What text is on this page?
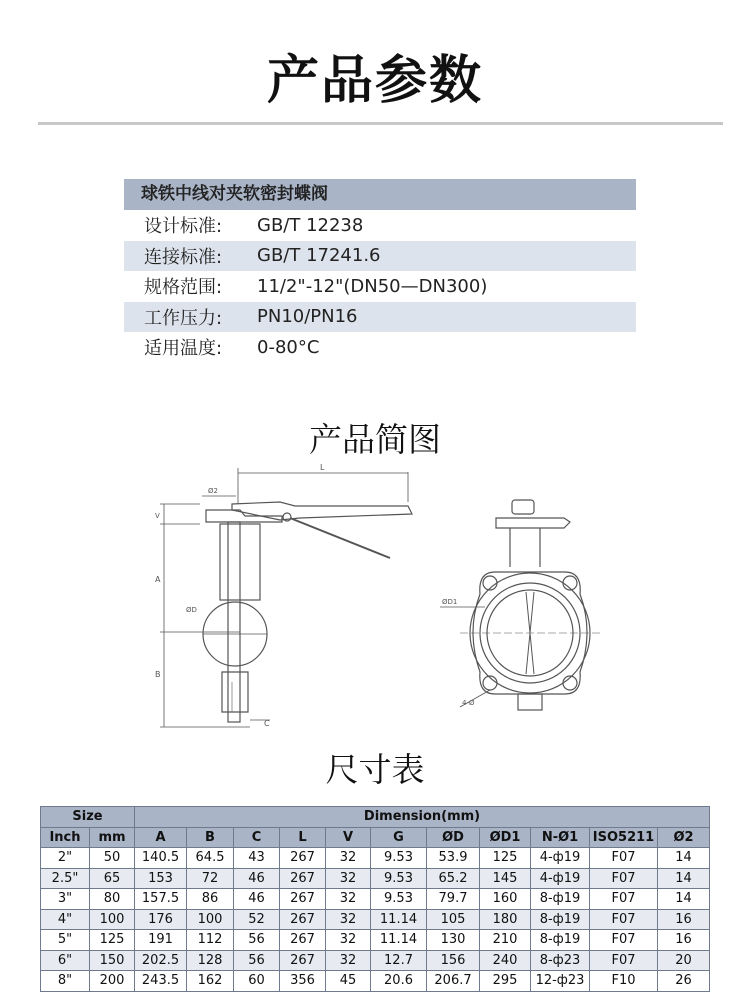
产品参数
球铁中线对夹软密封蝶阀
设计标准:	GB/T 12238
连接标准:	GB/T 17241.6
规格范围:	11/2"-12"(DN50—DN300)
工作压力:	PN10/PN16
适用温度:	0-80°C
产品简图
L
Ø2
V
A
B
C
ØD
ØD1
4-Ø
尺寸表
Size		Dimension(mm)										
Inch	mm	A	B	C	L	V	G	ØD	ØD1	N-Ø1	ISO5211	Ø2
2"	50	140.5	64.5	43	267	32	9.53	53.9	125	4-ф19	F07	14
2.5"	65	153	72	46	267	32	9.53	65.2	145	4-ф19	F07	14
3"	80	157.5	86	46	267	32	9.53	79.7	160	8-ф19	F07	14
4"	100	176	100	52	267	32	11.14	105	180	8-ф19	F07	16
5"	125	191	112	56	267	32	11.14	130	210	8-ф19	F07	16
6"	150	202.5	128	56	267	32	12.7	156	240	8-ф23	F07	20
8"	200	243.5	162	60	356	45	20.6	206.7	295	12-ф23	F10	26
